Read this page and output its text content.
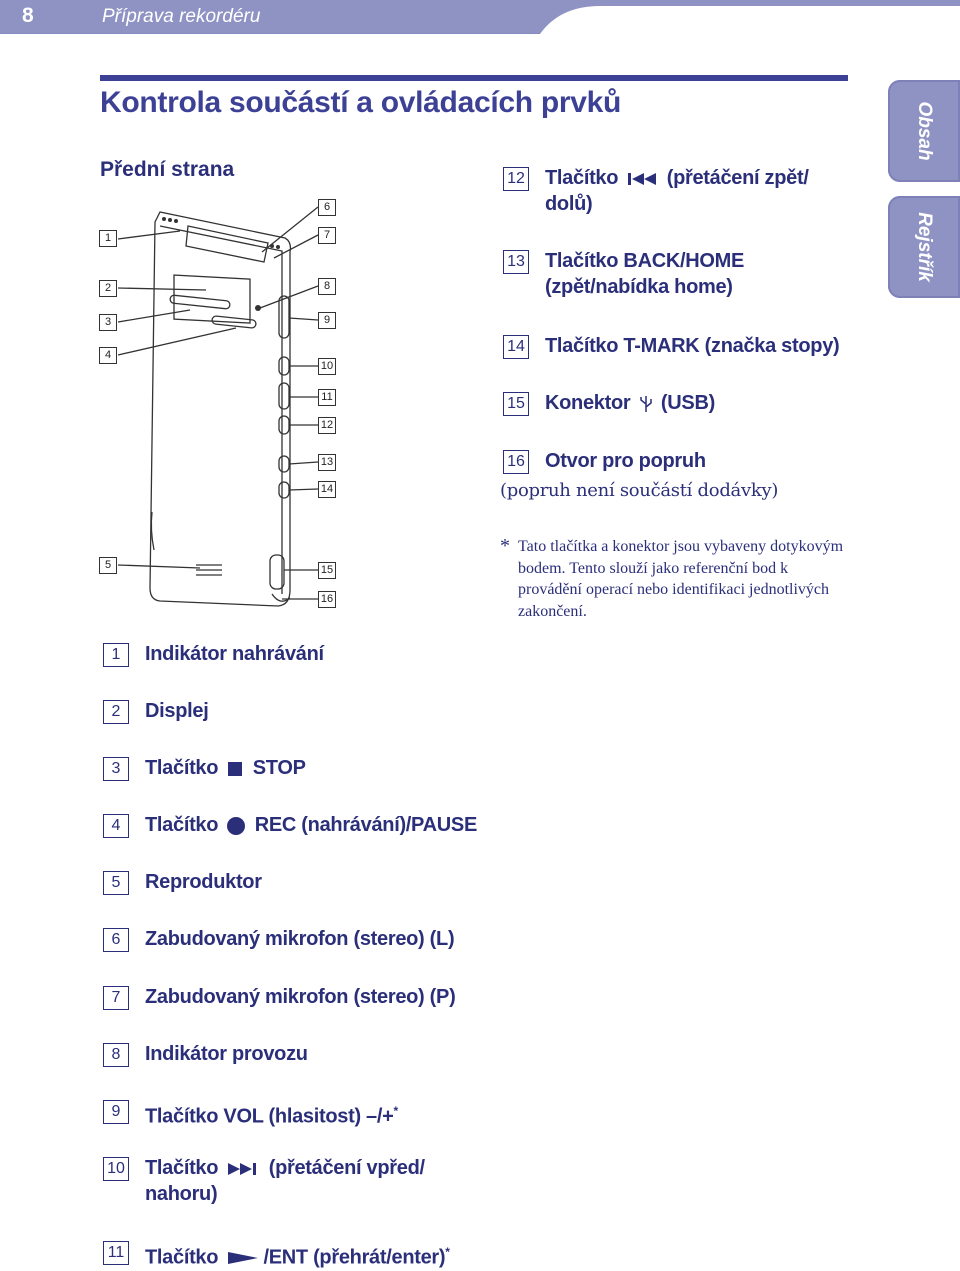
8	Příprava rekordéru
Kontrola součástí a ovládacích prvků
Přední strana
Obsah
Rejstřík
1
2
3
4
5
6
7
8
9
10
11
12
13
14
15
16
12 Tlačítko (přetáčení zpět/
dolů)
13 Tlačítko BACK/HOME
(zpět/nabídka home)
14 Tlačítko T-MARK (značka stopy)
15 Konektor (USB)
16 Otvor pro popruh
(popruh není součástí dodávky)
* Tato tlačítka a konektor jsou vybaveny dotykovým bodem. Tento slouží jako referenční bod k provádění operací nebo identifikaci jednotlivých zakončení.
1	Indikátor nahrávání
2	Displej
3	Tlačítko STOP
4	Tlačítko REC (nahrávání)/PAUSE
5	Reproduktor
6	Zabudovaný mikrofon (stereo) (L)
7	Zabudovaný mikrofon (stereo) (P)
8	Indikátor provozu
9	Tlačítko VOL (hlasitost) –/+*
10 Tlačítko	(přetáčení vpřed/
nahoru)
11 Tlačítko /ENT (přehrát/enter)*
